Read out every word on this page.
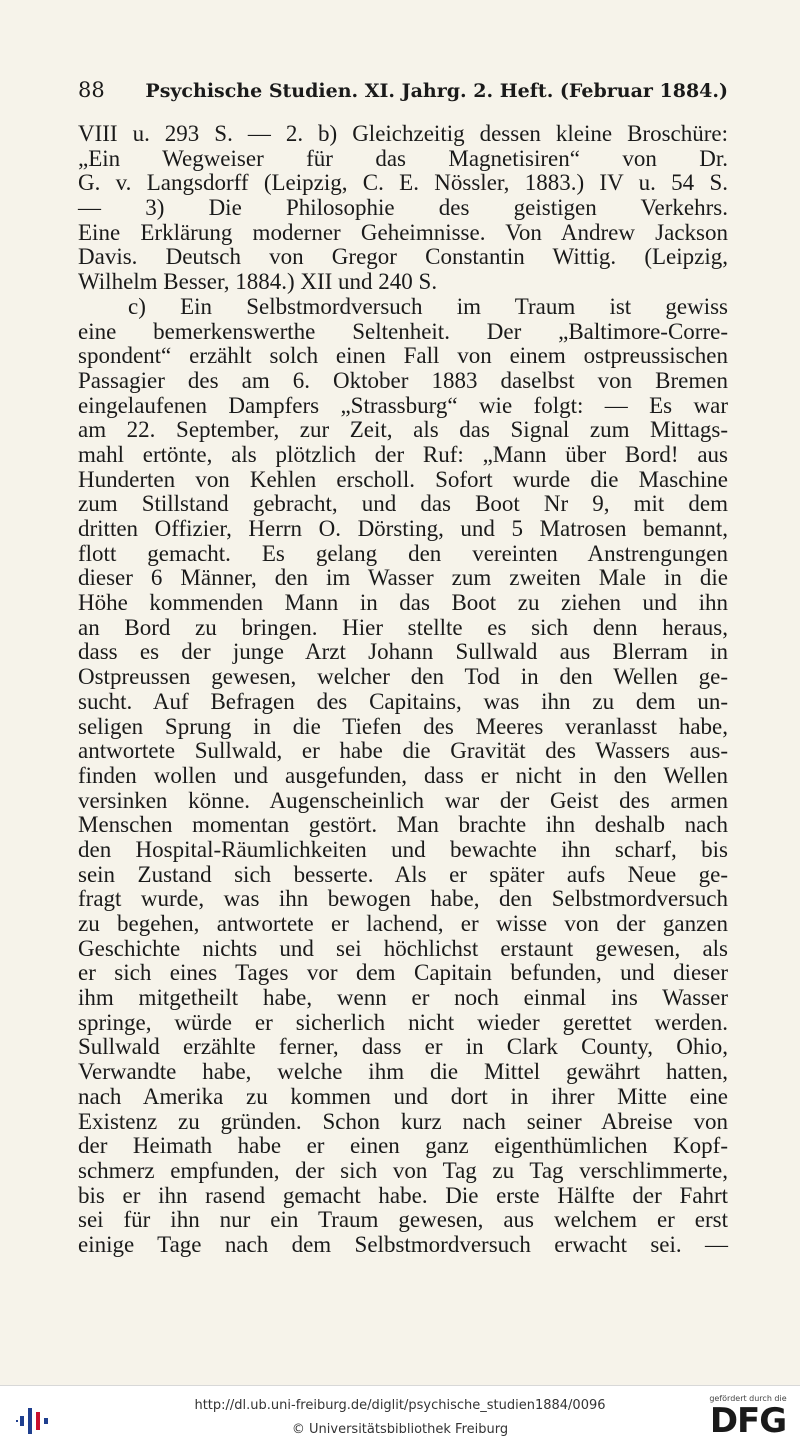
88 Psychische Studien. XI. Jahrg. 2. Heft. (Februar 1884.)
VIII u. 293 S. — 2. b) Gleichzeitig dessen kleine Broschüre:
„Ein Wegweiser für das Magnetisiren“ von Dr.
G. v. Langsdorff (Leipzig, C. E. Nössler, 1883.) IV u. 54 S.
— 3) Die Philosophie des geistigen Verkehrs.
Eine Erklärung moderner Geheimnisse. Von Andrew Jackson
Davis. Deutsch von Gregor Constantin Wittig. (Leipzig,
Wilhelm Besser, 1884.) XII und 240 S.
c) Ein Selbstmordversuch im Traum ist gewiss
eine bemerkenswerthe Seltenheit. Der „Baltimore-Corre-
spondent“ erzählt solch einen Fall von einem ostpreussischen
Passagier des am 6. Oktober 1883 daselbst von Bremen
eingelaufenen Dampfers „Strassburg“ wie folgt: — Es war
am 22. September, zur Zeit, als das Signal zum Mittags-
mahl ertönte, als plötzlich der Ruf: „Mann über Bord! aus
Hunderten von Kehlen erscholl. Sofort wurde die Maschine
zum Stillstand gebracht, und das Boot Nr 9, mit dem
dritten Offizier, Herrn O. Dörsting, und 5 Matrosen bemannt,
flott gemacht. Es gelang den vereinten Anstrengungen
dieser 6 Männer, den im Wasser zum zweiten Male in die
Höhe kommenden Mann in das Boot zu ziehen und ihn
an Bord zu bringen. Hier stellte es sich denn heraus,
dass es der junge Arzt Johann Sullwald aus Blerram in
Ostpreussen gewesen, welcher den Tod in den Wellen ge-
sucht. Auf Befragen des Capitains, was ihn zu dem un-
seligen Sprung in die Tiefen des Meeres veranlasst habe,
antwortete Sullwald, er habe die Gravität des Wassers aus-
finden wollen und ausgefunden, dass er nicht in den Wellen
versinken könne. Augenscheinlich war der Geist des armen
Menschen momentan gestört. Man brachte ihn deshalb nach
den Hospital-Räumlichkeiten und bewachte ihn scharf, bis
sein Zustand sich besserte. Als er später aufs Neue ge-
fragt wurde, was ihn bewogen habe, den Selbstmordversuch
zu begehen, antwortete er lachend, er wisse von der ganzen
Geschichte nichts und sei höchlichst erstaunt gewesen, als
er sich eines Tages vor dem Capitain befunden, und dieser
ihm mitgetheilt habe, wenn er noch einmal ins Wasser
springe, würde er sicherlich nicht wieder gerettet werden.
Sullwald erzählte ferner, dass er in Clark County, Ohio,
Verwandte habe, welche ihm die Mittel gewährt hatten,
nach Amerika zu kommen und dort in ihrer Mitte eine
Existenz zu gründen. Schon kurz nach seiner Abreise von
der Heimath habe er einen ganz eigenthümlichen Kopf-
schmerz empfunden, der sich von Tag zu Tag verschlimmerte,
bis er ihn rasend gemacht habe. Die erste Hälfte der Fahrt
sei für ihn nur ein Traum gewesen, aus welchem er erst
einige Tage nach dem Selbstmordversuch erwacht sei. —
http://dl.ub.uni-freiburg.de/diglit/psychische_studien1884/0096
© Universitätsbibliothek Freiburg
gefördert durch die
DFG
